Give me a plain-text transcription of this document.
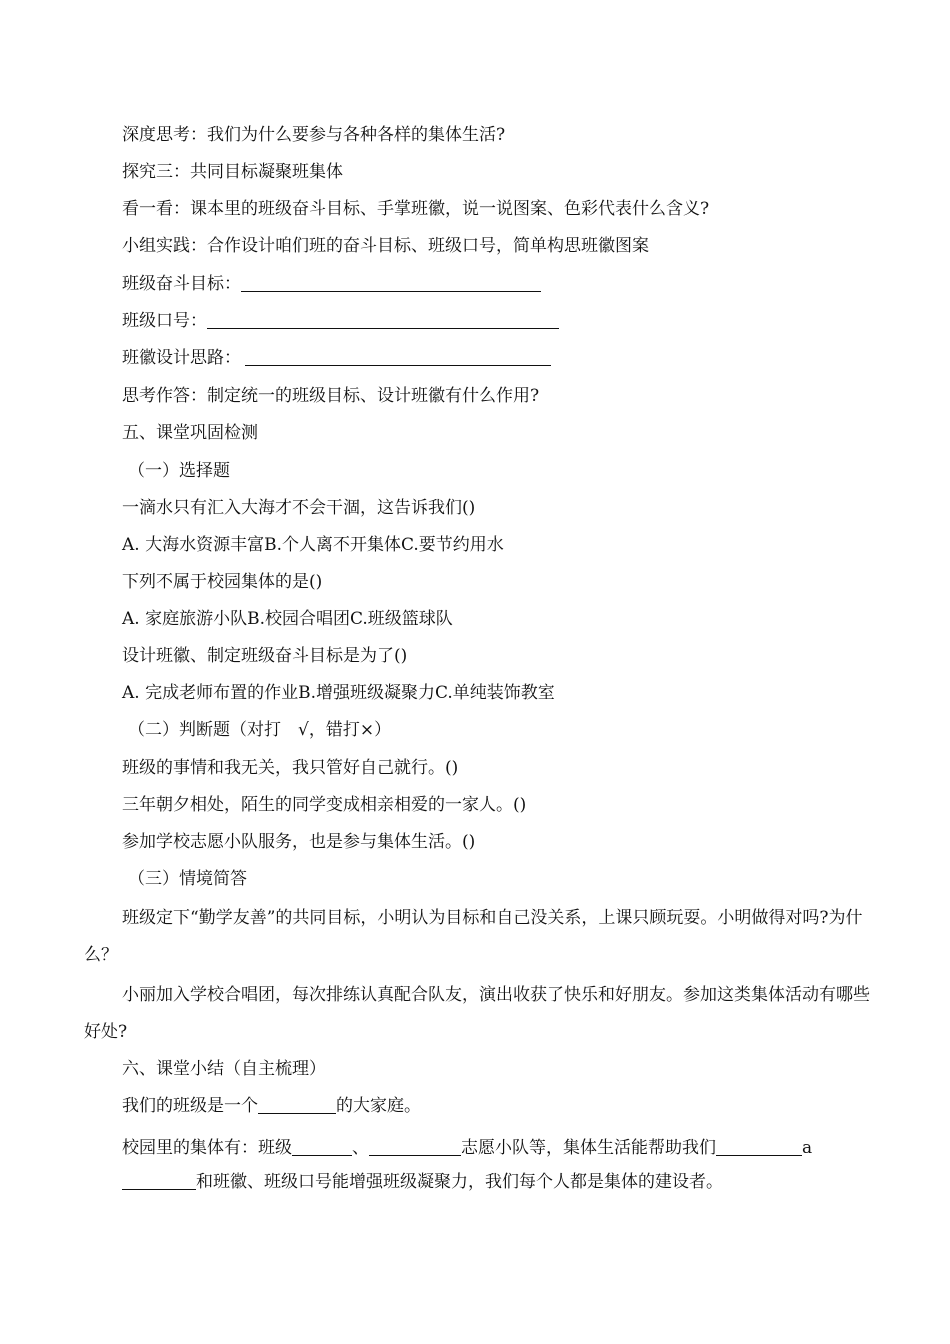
深度思考：我们为什么要参与各种各样的集体生活?
探究三：共同目标凝聚班集体
看一看：课本里的班级奋斗目标、手掌班徽，说一说图案、色彩代表什么含义?
小组实践：合作设计咱们班的奋斗目标、班级口号，简单构思班徽图案
班级奋斗目标：
班级口号：
班徽设计思路：
思考作答：制定统一的班级目标、设计班徽有什么作用?
五、课堂巩固检测
（一）选择题
一滴水只有汇入大海才不会干涸，这告诉我们()
A. 大海水资源丰富B.个人离不开集体C.要节约用水
下列不属于校园集体的是()
A. 家庭旅游小队B.校园合唱团C.班级篮球队
设计班徽、制定班级奋斗目标是为了()
A. 完成老师布置的作业B.增强班级凝聚力C.单纯装饰教室
（二）判断题（对打　√，错打×）
班级的事情和我无关，我只管好自己就行。()
三年朝夕相处，陌生的同学变成相亲相爱的一家人。()
参加学校志愿小队服务，也是参与集体生活。()
（三）情境简答
班级定下“勤学友善”的共同目标，小明认为目标和自己没关系，上课只顾玩耍。小明做得对吗?为什么？
小丽加入学校合唱团，每次排练认真配合队友，演出收获了快乐和好朋友。参加这类集体活动有哪些好处?
六、课堂小结（自主梳理）
我们的班级是一个	的大家庭。
校园里的集体有：班级	、	志愿小队等，集体生活能帮助我们	a
和班徽、班级口号能增强班级凝聚力，我们每个人都是集体的建设者。
